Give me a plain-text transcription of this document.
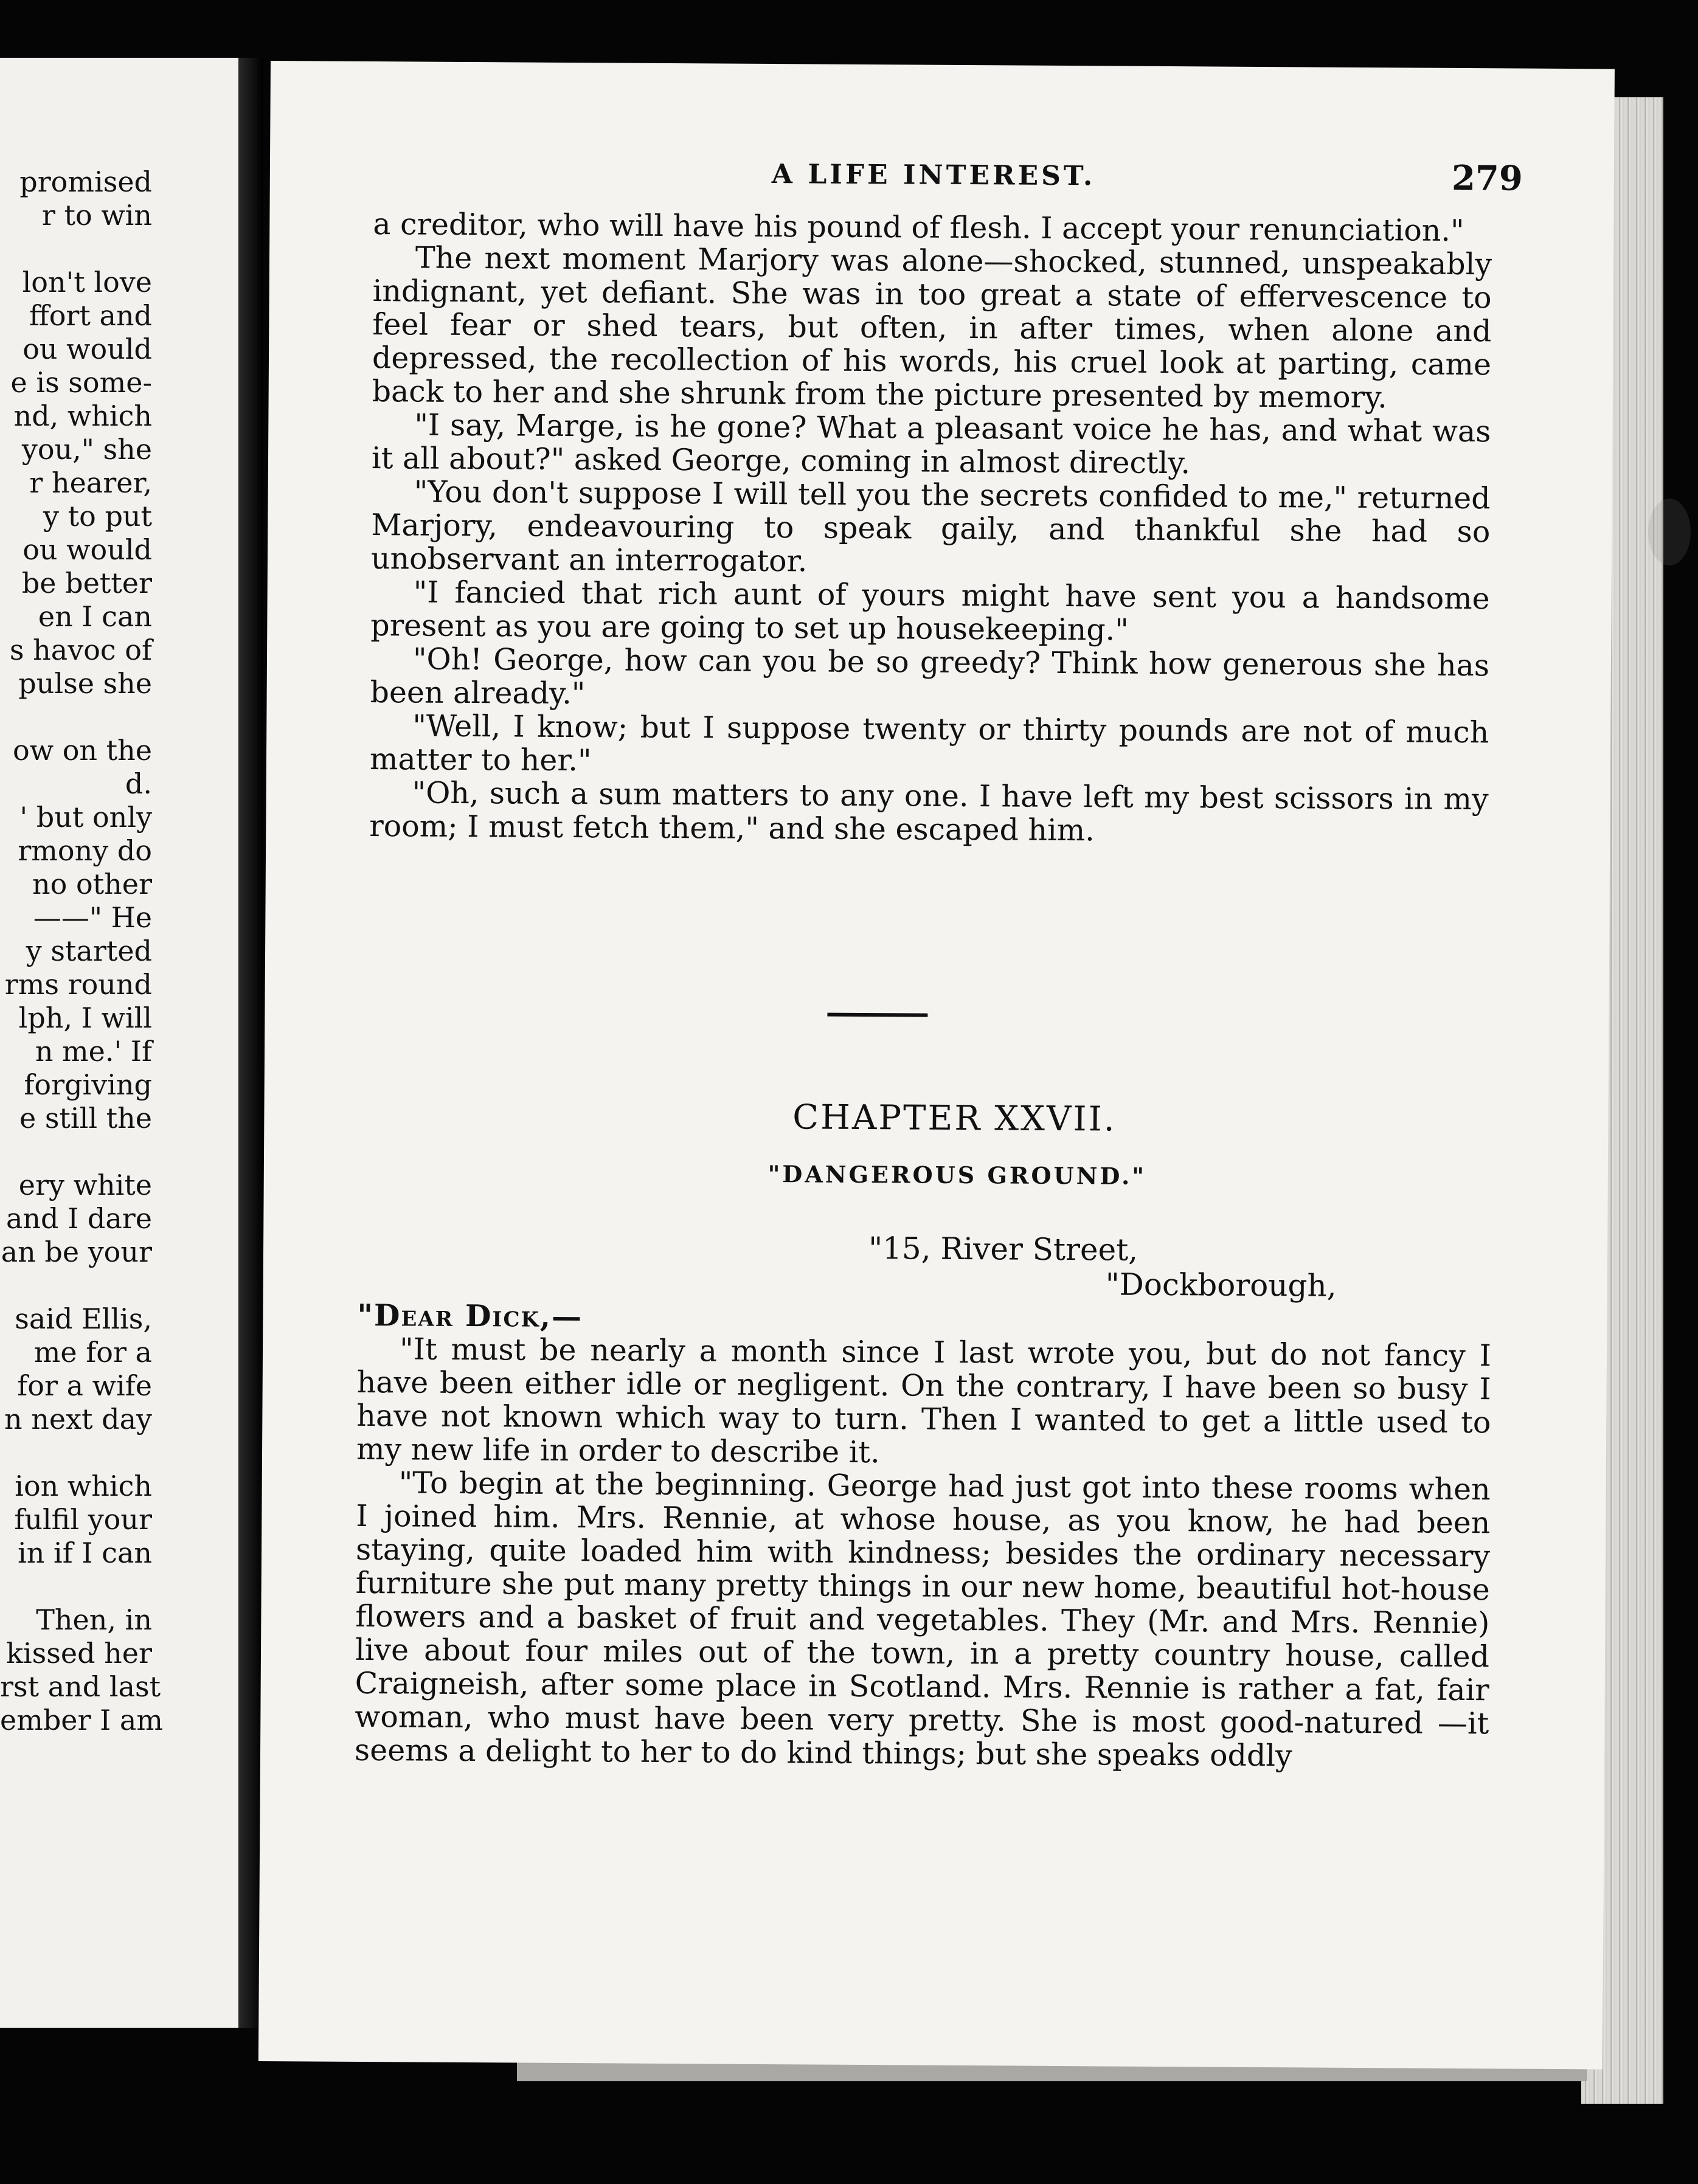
promised
r to win
lon't love
ffort and
ou would
e is some-
nd, which
you," she
r hearer,
y to put
ou would
be better
en I can
s havoc of
pulse she
ow on the
d.
' but only
rmony do
no other
——" He
y started
rms round
lph, I will
n me.' If
forgiving
e still the
ery white
and I dare
an be your
said Ellis,
me for a
for a wife
n next day
ion which
fulfil your
in if I can
Then, in
kissed her
rst and last
ember I am
A LIFE INTEREST.	279

a creditor, who will have his pound of flesh. I accept your renunciation."

The next moment Marjory was alone—shocked, stunned, unspeakably indignant, yet defiant. She was in too great a state of effervescence to feel fear or shed tears, but often, in after times, when alone and depressed, the recollection of his words, his cruel look at parting, came back to her and she shrunk from the picture presented by memory.

"I say, Marge, is he gone? What a pleasant voice he has, and what was it all about?" asked George, coming in almost directly.

"You don't suppose I will tell you the secrets confided to me," returned Marjory, endeavouring to speak gaily, and thankful she had so unobservant an interrogator.

"I fancied that rich aunt of yours might have sent you a handsome present as you are going to set up housekeeping."

"Oh! George, how can you be so greedy? Think how generous she has been already."

"Well, I know; but I suppose twenty or thirty pounds are not of much matter to her."

"Oh, such a sum matters to any one. I have left my best scissors in my room; I must fetch them," and she escaped him.

CHAPTER XXVII.
"DANGEROUS GROUND."
"15, River Street,
"Dockborough,

"Dear Dick,—

"It must be nearly a month since I last wrote you, but do not fancy I have been either idle or negligent. On the contrary, I have been so busy I have not known which way to turn. Then I wanted to get a little used to my new life in order to describe it.

"To begin at the beginning. George had just got into these rooms when I joined him. Mrs. Rennie, at whose house, as you know, he had been staying, quite loaded him with kindness; besides the ordinary necessary furniture she put many pretty things in our new home, beautiful hot-house flowers and a basket of fruit and vegetables. They (Mr. and Mrs. Rennie) live about four miles out of the town, in a pretty country house, called Craigneish, after some place in Scotland. Mrs. Rennie is rather a fat, fair woman, who must have been very pretty. She is most good-natured —it seems a delight to her to do kind things; but she speaks oddly
